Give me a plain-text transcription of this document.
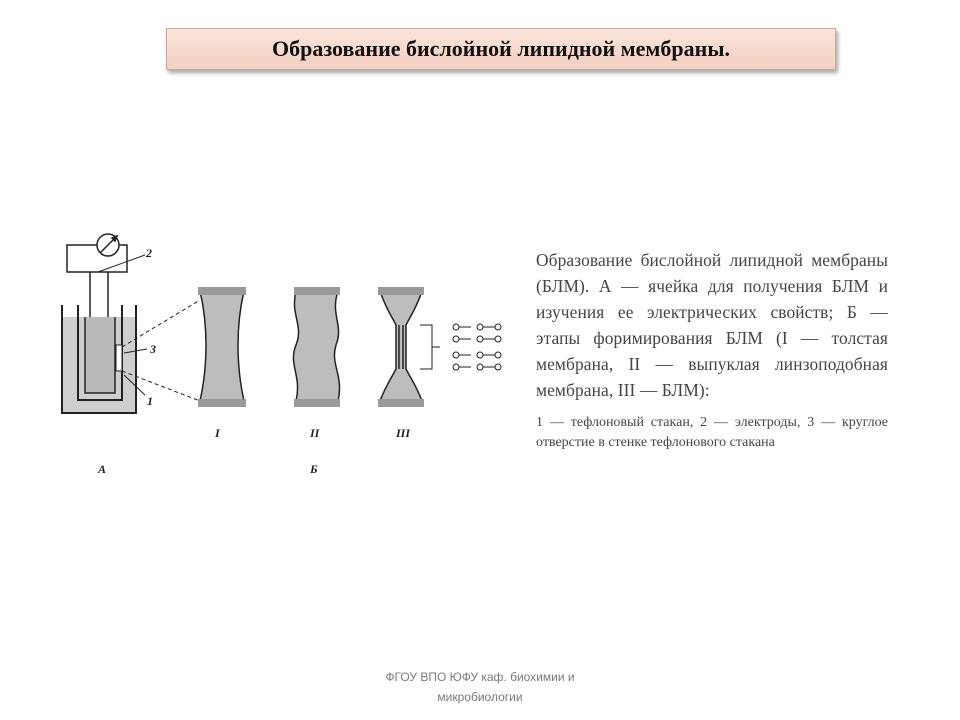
Образование бислойной липидной мембраны.
2
3
1
I	II	III
А	Б
Образование бислойной липидной мембраны (БЛМ). А — ячейка для получения БЛМ и изучения ее электрических свойств; Б — этапы форимирования БЛМ (I — толстая мембрана, II — выпуклая линзоподобная мембрана, III — БЛМ):
1 — тефлоновый стакан, 2 — электроды, 3 — круглое отверстие в стенке тефлонового стакана
ФГОУ ВПО ЮФУ каф. биохимии и
микробиологии
